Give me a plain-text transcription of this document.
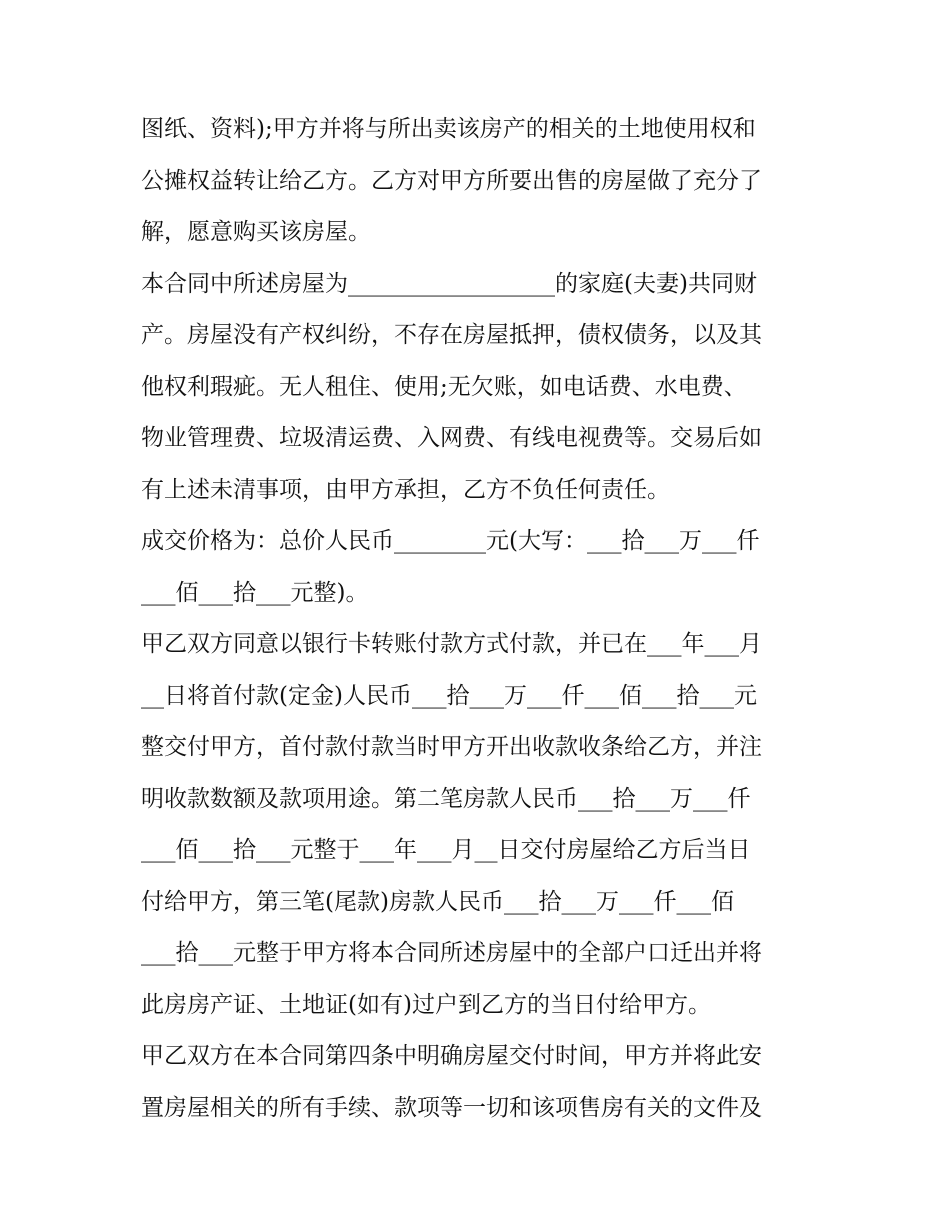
图纸、资料);甲方并将与所出卖该房产的相关的土地使用权和
公摊权益转让给乙方。乙方对甲方所要出售的房屋做了充分了
解，愿意购买该房屋。
本合同中所述房屋为__________________的家庭(夫妻)共同财
产。房屋没有产权纠纷，不存在房屋抵押，债权债务，以及其
他权利瑕疵。无人租住、使用;无欠账，如电话费、水电费、
物业管理费、垃圾清运费、入网费、有线电视费等。交易后如
有上述未清事项，由甲方承担，乙方不负任何责任。
成交价格为：总价人民币________元(大写：___拾___万___仟
___佰___拾___元整)。
甲乙双方同意以银行卡转账付款方式付款，并已在___年___月
__日将首付款(定金)人民币___拾___万___仟___佰___拾___元
整交付甲方，首付款付款当时甲方开出收款收条给乙方，并注
明收款数额及款项用途。第二笔房款人民币___拾___万___仟
___佰___拾___元整于___年___月__日交付房屋给乙方后当日
付给甲方，第三笔(尾款)房款人民币___拾___万___仟___佰
___拾___元整于甲方将本合同所述房屋中的全部户口迁出并将
此房房产证、土地证(如有)过户到乙方的当日付给甲方。
甲乙双方在本合同第四条中明确房屋交付时间，甲方并将此安
置房屋相关的所有手续、款项等一切和该项售房有关的文件及
